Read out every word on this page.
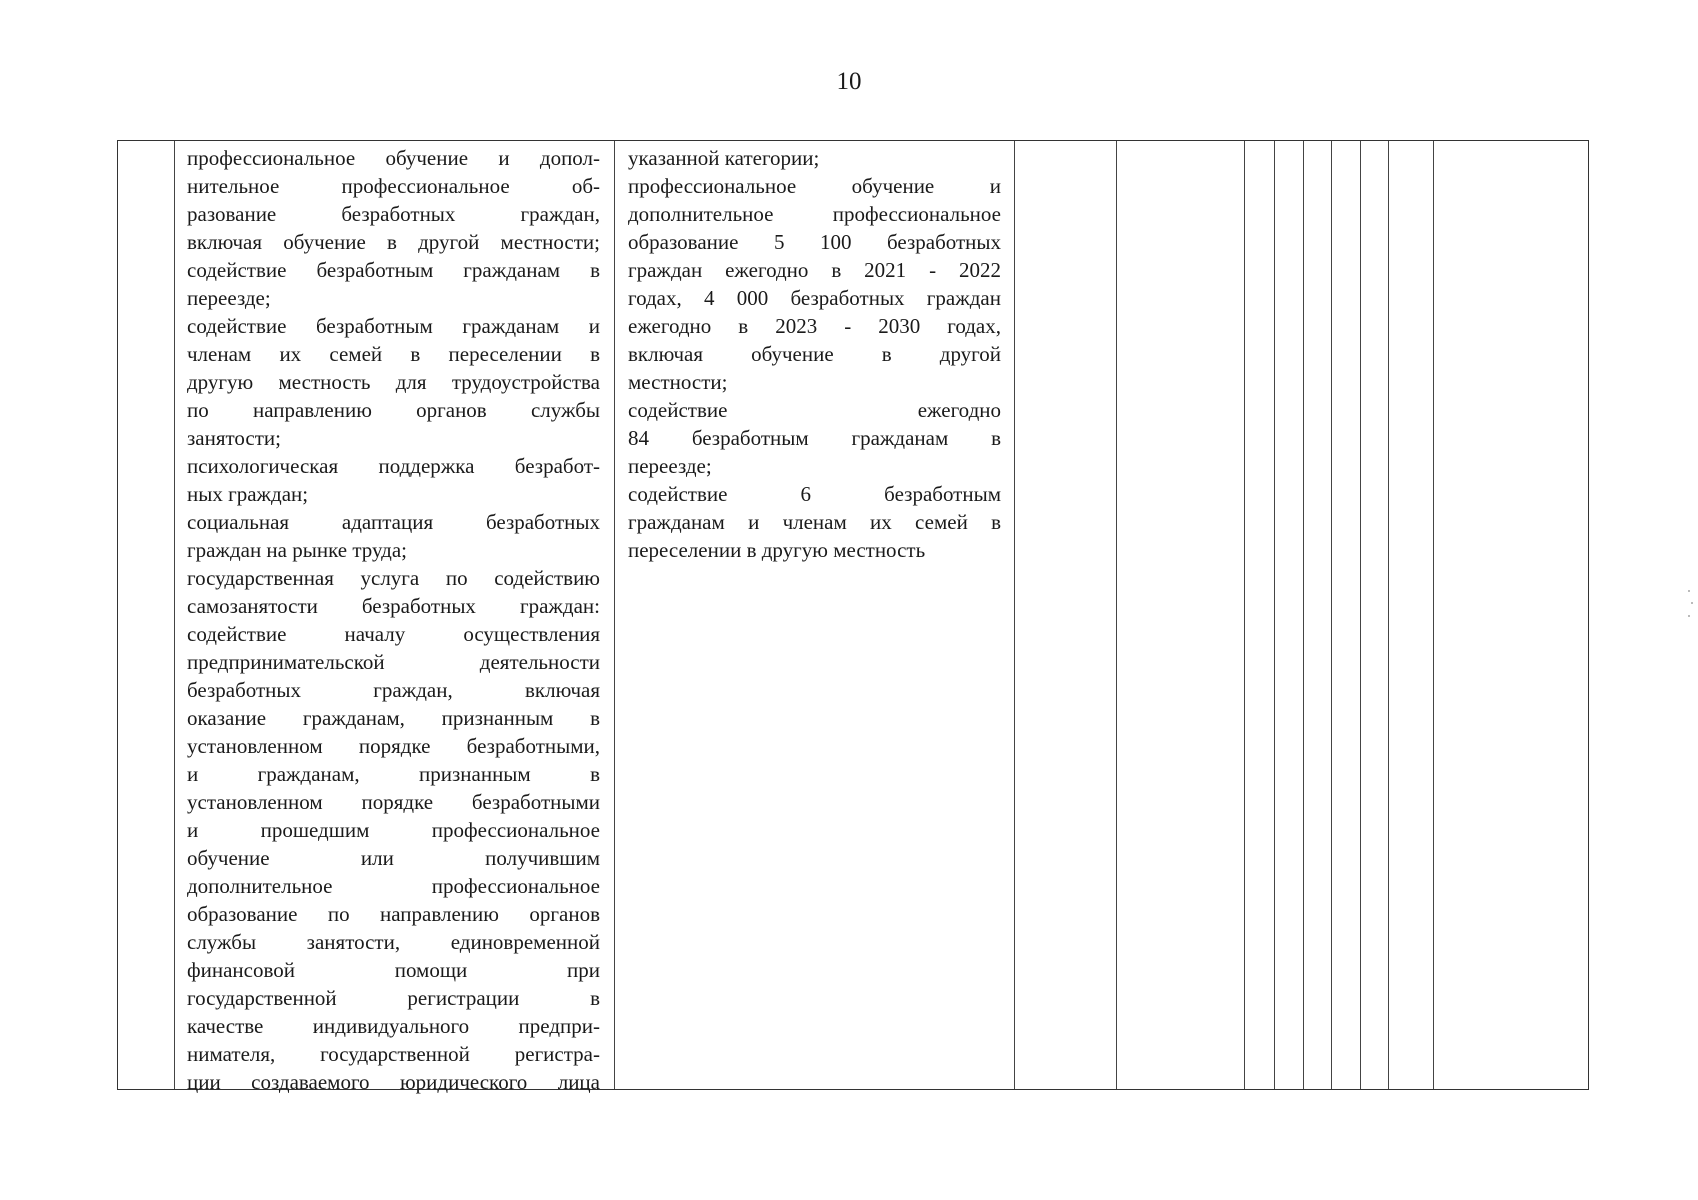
10
профессиональное обучение и допол-
нительное профессиональное об-
разование безработных граждан,
включая обучение в другой местности;
содействие безработным гражданам в
переезде;
содействие безработным гражданам и
членам их семей в переселении в
другую местность для трудоустройства
по направлению органов службы
занятости;
психологическая поддержка безработ-
ных граждан;
социальная адаптация безработных
граждан на рынке труда;
государственная услуга по содействию
самозанятости безработных граждан:
содействие началу осуществления
предпринимательской деятельности
безработных граждан, включая
оказание гражданам, признанным в
установленном порядке безработными,
и гражданам, признанным в
установленном порядке безработными
и прошедшим профессиональное
обучение или получившим
дополнительное профессиональное
образование по направлению органов
службы занятости, единовременной
финансовой помощи при
государственной регистрации в
качестве индивидуального предпри-
нимателя, государственной регистра-
ции создаваемого юридического лица
указанной категории;
профессиональное обучение и
дополнительное профессиональное
образование 5 100 безработных
граждан ежегодно в 2021 - 2022
годах, 4 000 безработных граждан
ежегодно в 2023 - 2030 годах,
включая обучение в другой
местности;
содействие ежегодно
84 безработным гражданам в
переезде;
содействие 6 безработным
гражданам и членам их семей в
переселении в другую местность
